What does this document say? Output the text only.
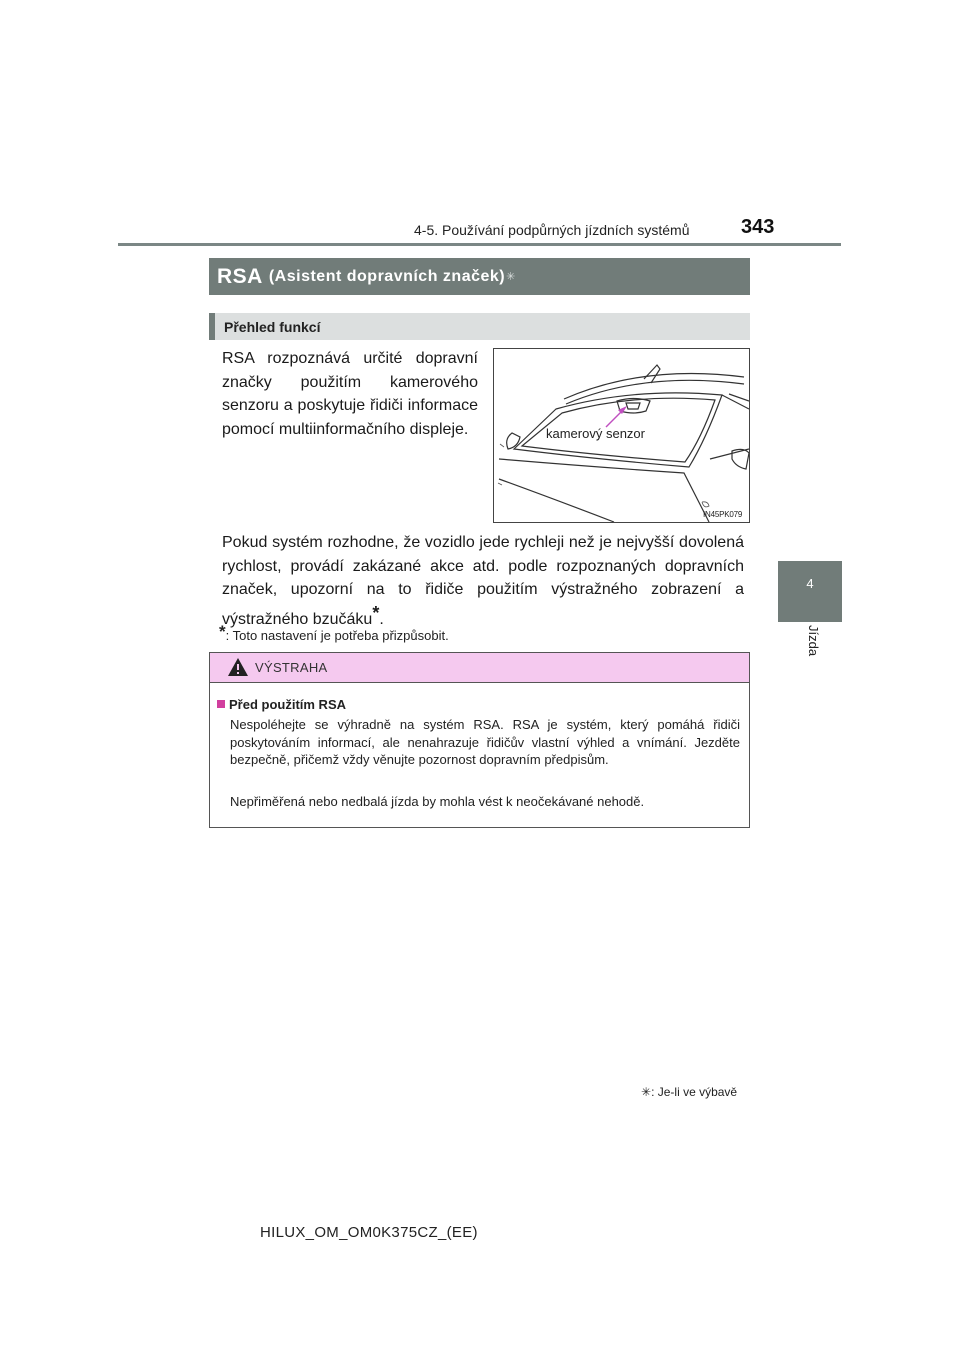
4-5. Používání podpůrných jízdních systémů	343
4
Jízda
RSA (Asistent dopravních značek) ✳
Přehled funkcí
RSA rozpoznává určité dopravní značky použitím kamerového senzoru a poskytuje řidiči informace pomocí multiinformačního displeje.	kamerový senzor
IN45PK079
Pokud systém rozhodne, že vozidlo jede rychleji než je nejvyšší dovolená rychlost, provádí zakázané akce atd. podle rozpoznaných dopravních značek, upozorní na to řidiče použitím výstražného zobrazení a výstražného bzučáku*.
*: Toto nastavení je potřeba přizpůsobit.
VÝSTRAHA
Před použitím RSA
Nespoléhejte se výhradně na systém RSA. RSA je systém, který pomáhá řidiči poskytováním informací, ale nenahrazuje řidičův vlastní výhled a vnímání. Jezděte bezpečně, přičemž vždy věnujte pozornost dopravním předpisům.
Nepřiměřená nebo nedbalá jízda by mohla vést k neočekávané nehodě.
✳: Je-li ve výbavě
HILUX_OM_OM0K375CZ_(EE)
